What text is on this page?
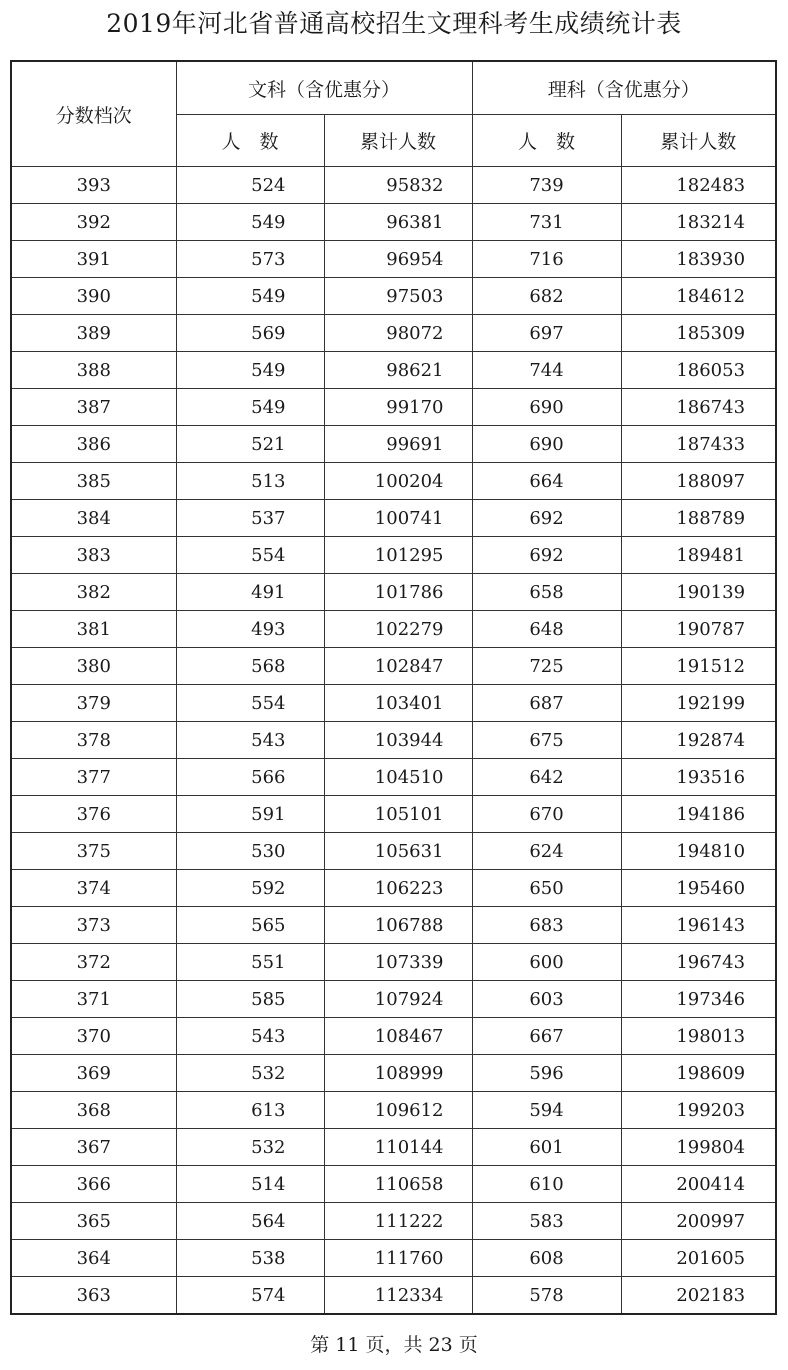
2019年河北省普通高校招生文理科考生成绩统计表
分数档次	文科（含优惠分）		理科（含优惠分）	
	人　数	累计人数	人　数	累计人数
393	524	95832	739	182483
392	549	96381	731	183214
391	573	96954	716	183930
390	549	97503	682	184612
389	569	98072	697	185309
388	549	98621	744	186053
387	549	99170	690	186743
386	521	99691	690	187433
385	513	100204	664	188097
384	537	100741	692	188789
383	554	101295	692	189481
382	491	101786	658	190139
381	493	102279	648	190787
380	568	102847	725	191512
379	554	103401	687	192199
378	543	103944	675	192874
377	566	104510	642	193516
376	591	105101	670	194186
375	530	105631	624	194810
374	592	106223	650	195460
373	565	106788	683	196143
372	551	107339	600	196743
371	585	107924	603	197346
370	543	108467	667	198013
369	532	108999	596	198609
368	613	109612	594	199203
367	532	110144	601	199804
366	514	110658	610	200414
365	564	111222	583	200997
364	538	111760	608	201605
363	574	112334	578	202183
第 11 页，共 23 页
